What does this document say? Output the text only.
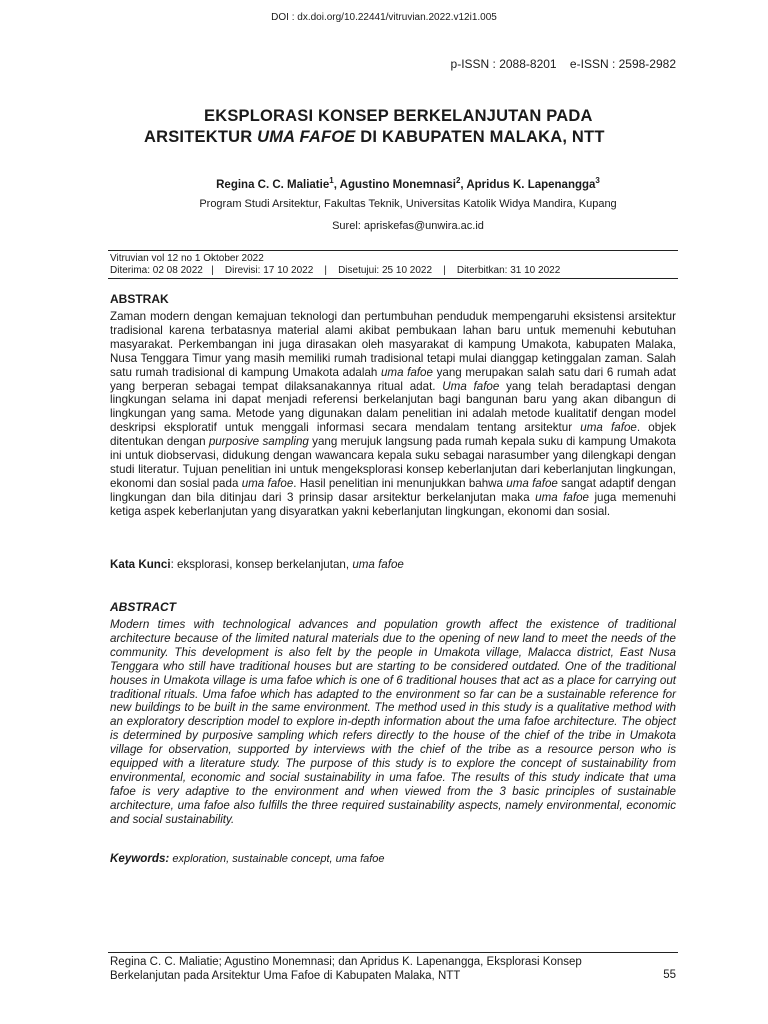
DOI : dx.doi.org/10.22441/vitruvian.2022.v12i1.005
p-ISSN : 2088-8201    e-ISSN : 2598-2982
EKSPLORASI KONSEP BERKELANJUTAN PADA
ARSITEKTUR UMA FAFOE DI KABUPATEN MALAKA, NTT
Regina C. C. Maliatie$^1$, Agustino Monemnasi$^2$, Apridus K. Lapenangga$^3$
Program Studi Arsitektur, Fakultas Teknik, Universitas Katolik Widya Mandira, Kupang
Surel: apriskefas@unwira.ac.id
Vitruvian vol 12 no 1 Oktober 2022
Diterima: 02 08 2022   |    Direvisi: 17 10 2022    |    Disetujui: 25 10 2022    |    Diterbitkan: 31 10 2022
ABSTRAK
Zaman modern dengan kemajuan teknologi dan pertumbuhan penduduk mempengaruhi eksistensi arsitektur tradisional karena terbatasnya material alami akibat pembukaan lahan baru untuk memenuhi kebutuhan masyarakat. Perkembangan ini juga dirasakan oleh masyarakat di kampung Umakota, kabupaten Malaka, Nusa Tenggara Timur yang masih memiliki rumah tradisional tetapi mulai dianggap ketinggalan zaman. Salah satu rumah tradisional di kampung Umakota adalah uma fafoe yang merupakan salah satu dari 6 rumah adat yang berperan sebagai tempat dilaksanakannya ritual adat. Uma fafoe yang telah beradaptasi dengan lingkungan selama ini dapat menjadi referensi berkelanjutan bagi bangunan baru yang akan dibangun di lingkungan yang sama. Metode yang digunakan dalam penelitian ini adalah metode kualitatif dengan model deskripsi eksploratif untuk menggali informasi secara mendalam tentang arsitektur uma fafoe. objek ditentukan dengan purposive sampling yang merujuk langsung pada rumah kepala suku di kampung Umakota ini untuk diobservasi, didukung dengan wawancara kepala suku sebagai narasumber yang dilengkapi dengan studi literatur. Tujuan penelitian ini untuk mengeksplorasi konsep keberlanjutan dari keberlanjutan lingkungan, ekonomi dan sosial pada uma fafoe. Hasil penelitian ini menunjukkan bahwa uma fafoe sangat adaptif dengan lingkungan dan bila ditinjau dari 3 prinsip dasar arsitektur berkelanjutan maka uma fafoe juga memenuhi ketiga aspek keberlanjutan yang disyaratkan yakni keberlanjutan lingkungan, ekonomi dan sosial.
Kata Kunci: eksplorasi, konsep berkelanjutan, uma fafoe
ABSTRACT
Modern times with technological advances and population growth affect the existence of traditional architecture because of the limited natural materials due to the opening of new land to meet the needs of the community. This development is also felt by the people in Umakota village, Malacca district, East Nusa Tenggara who still have traditional houses but are starting to be considered outdated. One of the traditional houses in Umakota village is uma fafoe which is one of 6 traditional houses that act as a place for carrying out traditional rituals. Uma fafoe which has adapted to the environment so far can be a sustainable reference for new buildings to be built in the same environment. The method used in this study is a qualitative method with an exploratory description model to explore in-depth information about the uma fafoe architecture. The object is determined by purposive sampling which refers directly to the house of the chief of the tribe in Umakota village for observation, supported by interviews with the chief of the tribe as a resource person who is equipped with a literature study. The purpose of this study is to explore the concept of sustainability from environmental, economic and social sustainability in uma fafoe. The results of this study indicate that uma fafoe is very adaptive to the environment and when viewed from the 3 basic principles of sustainable architecture, uma fafoe also fulfills the three required sustainability aspects, namely environmental, economic and social sustainability.
Keywords: exploration, sustainable concept, uma fafoe
Regina C. C. Maliatie; Agustino Monemnasi; dan Apridus K. Lapenangga, Eksplorasi Konsep
Berkelanjutan pada Arsitektur Uma Fafoe di Kabupaten Malaka, NTT	55
